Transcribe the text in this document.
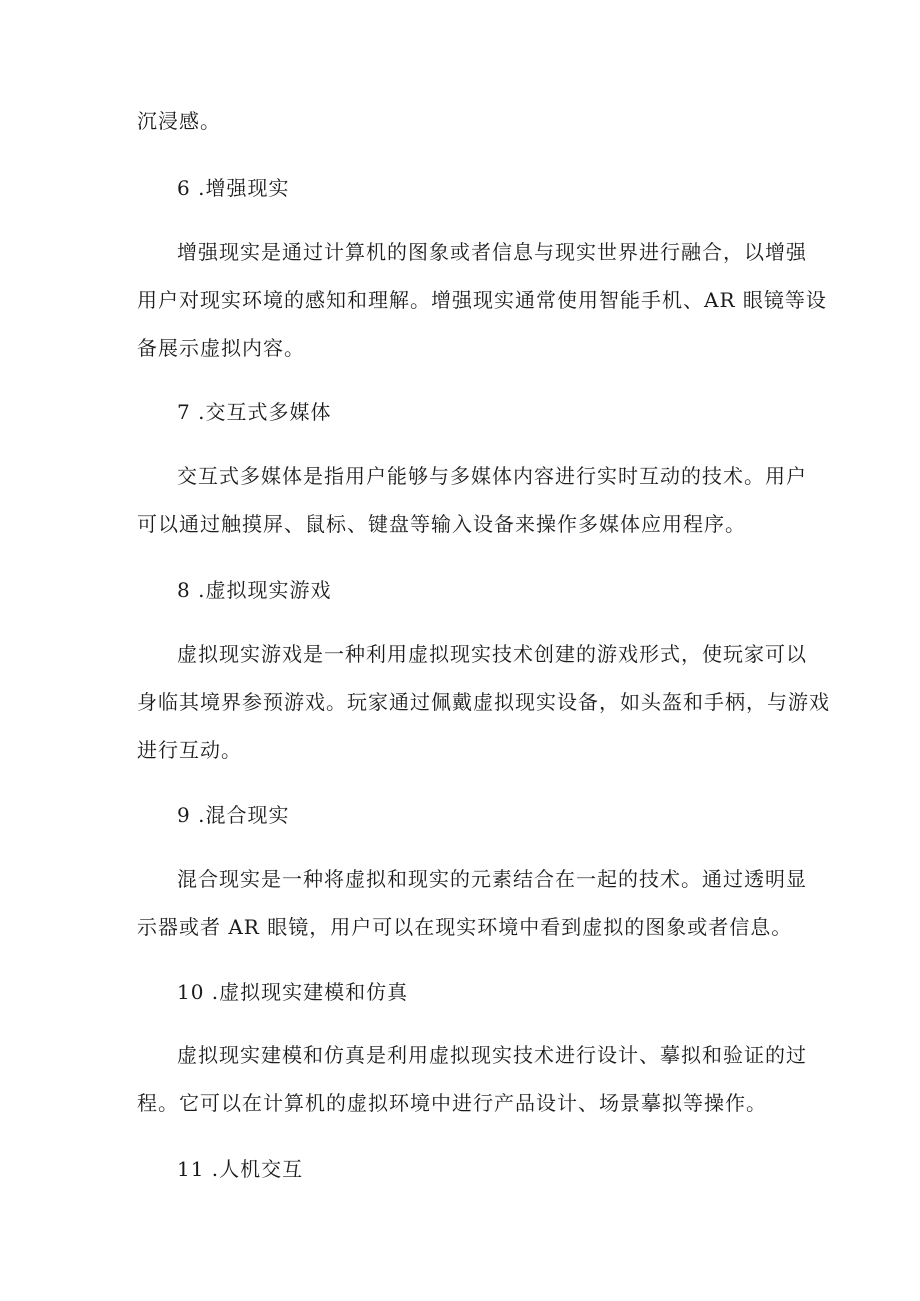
沉浸感。
6 .增强现实
增强现实是通过计算机的图象或者信息与现实世界进行融合，以增强
用户对现实环境的感知和理解。增强现实通常使用智能手机、AR 眼镜等设
备展示虚拟内容。
7 .交互式多媒体
交互式多媒体是指用户能够与多媒体内容进行实时互动的技术。用户
可以通过触摸屏、鼠标、键盘等输入设备来操作多媒体应用程序。
8 .虚拟现实游戏
虚拟现实游戏是一种利用虚拟现实技术创建的游戏形式，使玩家可以
身临其境界参预游戏。玩家通过佩戴虚拟现实设备，如头盔和手柄，与游戏
进行互动。
9 .混合现实
混合现实是一种将虚拟和现实的元素结合在一起的技术。通过透明显
示器或者 AR 眼镜，用户可以在现实环境中看到虚拟的图象或者信息。
10 .虚拟现实建模和仿真
虚拟现实建模和仿真是利用虚拟现实技术进行设计、摹拟和验证的过
程。它可以在计算机的虚拟环境中进行产品设计、场景摹拟等操作。
11 .人机交互
